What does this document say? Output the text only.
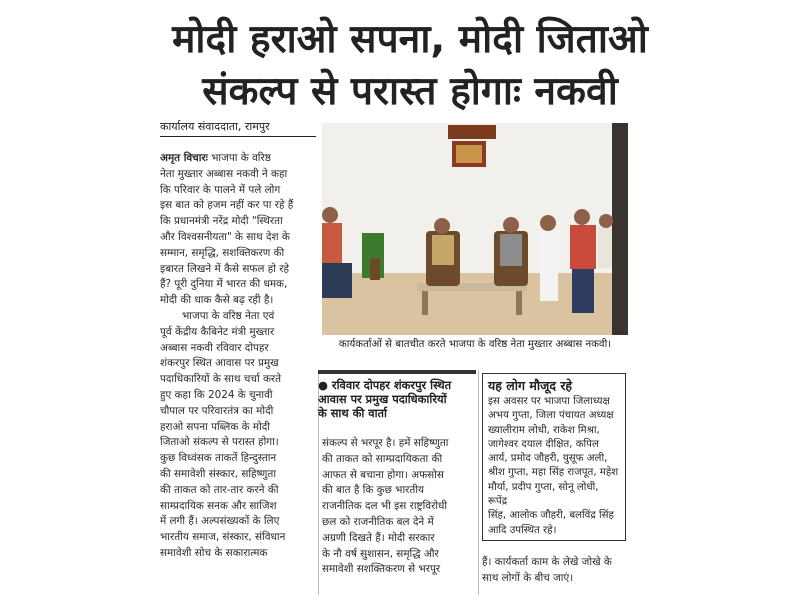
मोदी हराओ सपना, मोदी जिताओ
संकल्प से परास्त होगाः नकवी
कार्यालय संवाददाता, रामपुर

अमृत विचारः भाजपा के वरिष्ठ
नेता मुख्तार अब्बास नकवी ने कहा
कि परिवार के पालने में पले लोग
इस बात को हजम नहीं कर पा रहे हैं
कि प्रधानमंत्री नरेंद्र मोदी "स्थिरता
और विश्वसनीयता" के साथ देश के
सम्मान, समृद्धि, सशक्तिकरण की
इबारत लिखने में कैसे सफल हो रहे
हैं? पूरी दुनिया में भारत की धमक,
मोदी की धाक कैसे बढ़ रही है।

भाजपा के वरिष्ठ नेता एवं
पूर्व केंद्रीय कैबिनेट मंत्री मुख्तार
अब्बास नकवी रविवार दोपहर
शंकरपुर स्थित आवास पर प्रमुख
पदाधिकारियों के साथ चर्चा करते
हुए कहा कि 2024 के चुनावी
चौपाल पर परिवारतंत्र का मोदी
हराओ सपना पब्लिक के मोदी
जिताओ संकल्प से परास्त होगा।
कुछ विध्वंसक ताकतें हिन्दुस्तान
की समावेशी संस्कार, सहिष्णुता
की ताकत को तार-तार करने की
साम्प्रदायिक सनक और साजिश
में लगी हैं। अल्पसंख्यकों के लिए
भारतीय समाज, संस्कार, संविधान
समावेशी सोच के सकारात्मक

कार्यकर्ताओं से बातचीत करते भाजपा के वरिष्ठ नेता मुख्तार अब्बास नकवी।
● रविवार दोपहर शंकरपुर स्थित
आवास पर प्रमुख पदाधिकारियों
के साथ की वार्ता

संकल्प से भरपूर है। हमें सहिष्णुता
की ताकत को साम्प्रदायिकता की
आफत से बचाना होगा। अफसोस
की बात है कि कुछ भारतीय
राजनीतिक दल भी इस राष्ट्रविरोधी
छल को राजनीतिक बल देने में
अग्रणी दिखते हैं। मोदी सरकार
के नौ वर्ष सुशासन, समृद्धि और
समावेशी सशक्तिकरण से भरपूर

यह लोग मौजूद रहे
इस अवसर पर भाजपा जिलाध्यक्ष
अभय गुप्ता, जिला पंचायत अध्यक्ष
ख्यालीराम लोधी, राकेश मिश्रा,
जागेश्वर दयाल दीक्षित, कपिल
आर्य, प्रमोद जौहरी, युसूफ अली,
श्रीश गुप्ता, महा सिंह राजपूत, महेश
मौर्या, प्रदीप गुप्ता, सोनू लोधी, रूपेंद्र
सिंह, आलोक जौहरी, बलविंद्र सिंह
आदि उपस्थित रहे।
हैं। कार्यकर्ता काम के लेखे जोखे के
साथ लोगों के बीच जाएं।
